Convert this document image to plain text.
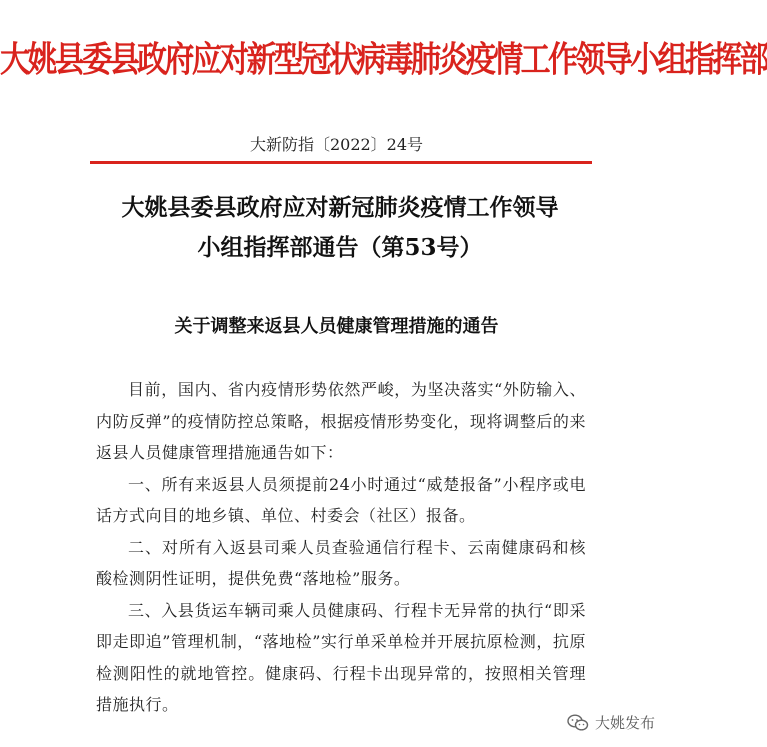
大姚县委县政府应对新型冠状病毒肺炎疫情工作领导小组指挥部
大新防指〔2022〕24号
大姚县委县政府应对新冠肺炎疫情工作领导
小组指挥部通告（第53号）
关于调整来返县人员健康管理措施的通告

目前，国内、省内疫情形势依然严峻，为坚决落实“外防输入、内防反弹”的疫情防控总策略，根据疫情形势变化，现将调整后的来返县人员健康管理措施通告如下：

一、所有来返县人员须提前24小时通过“威楚报备”小程序或电话方式向目的地乡镇、单位、村委会（社区）报备。

二、对所有入返县司乘人员查验通信行程卡、云南健康码和核酸检测阴性证明，提供免费“落地检”服务。

三、入县货运车辆司乘人员健康码、行程卡无异常的执行“即采即走即追”管理机制，“落地检”实行单采单检并开展抗原检测，抗原检测阳性的就地管控。健康码、行程卡出现异常的，按照相关管理措施执行。

大姚发布
